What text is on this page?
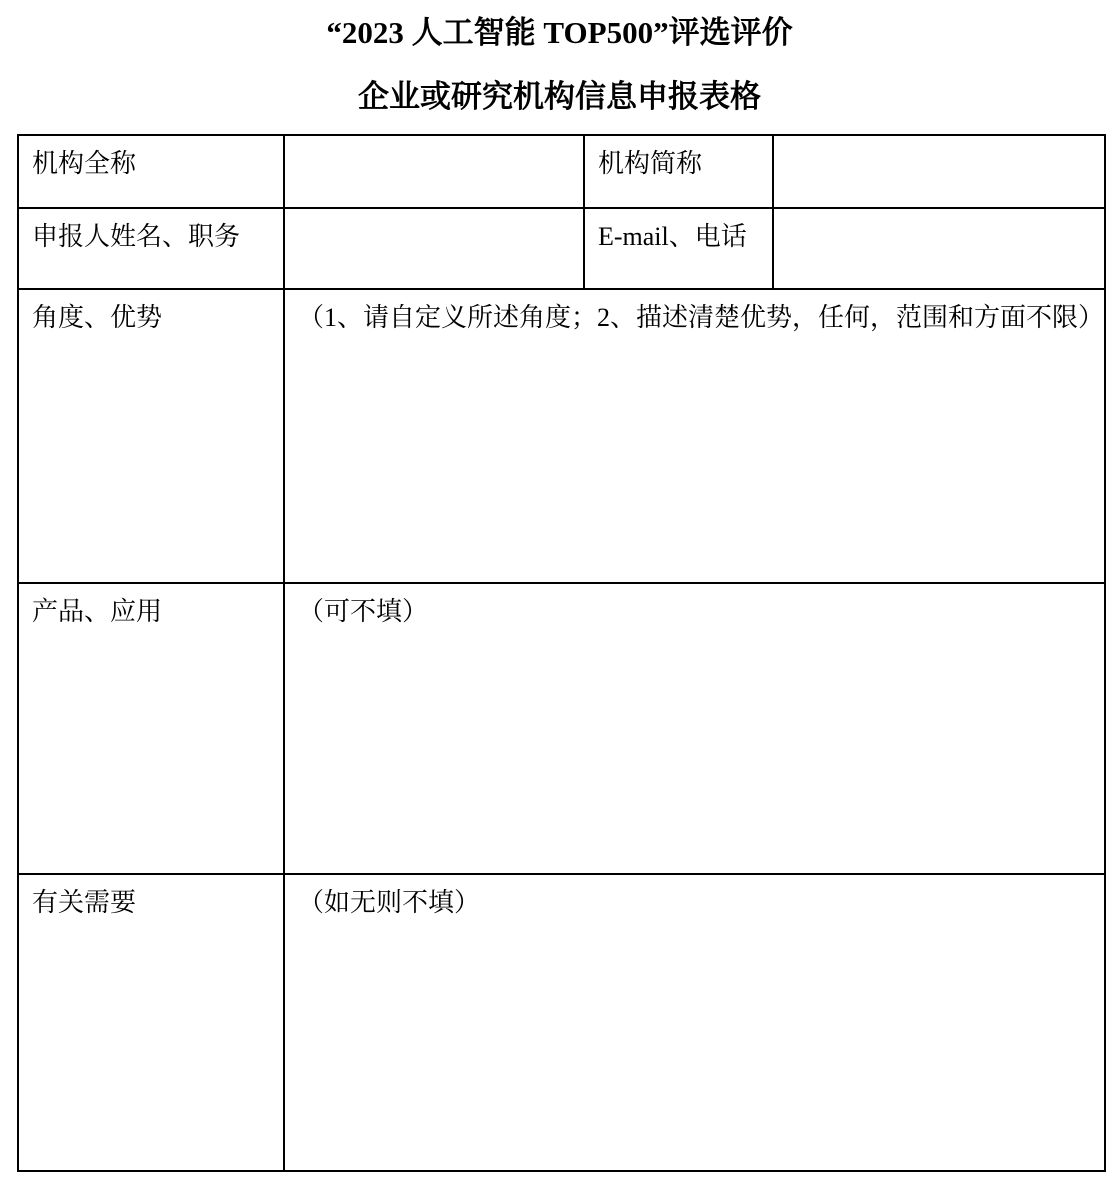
“2023 人工智能 TOP500”评选评价
企业或研究机构信息申报表格
机构全称		机构简称	
申报人姓名、职务		E-mail、电话	
角度、优势	（1、请自定义所述角度；2、描述清楚优势，任何，范围和方面不限）		
产品、应用	（可不填）		
有关需要	（如无则不填）		
